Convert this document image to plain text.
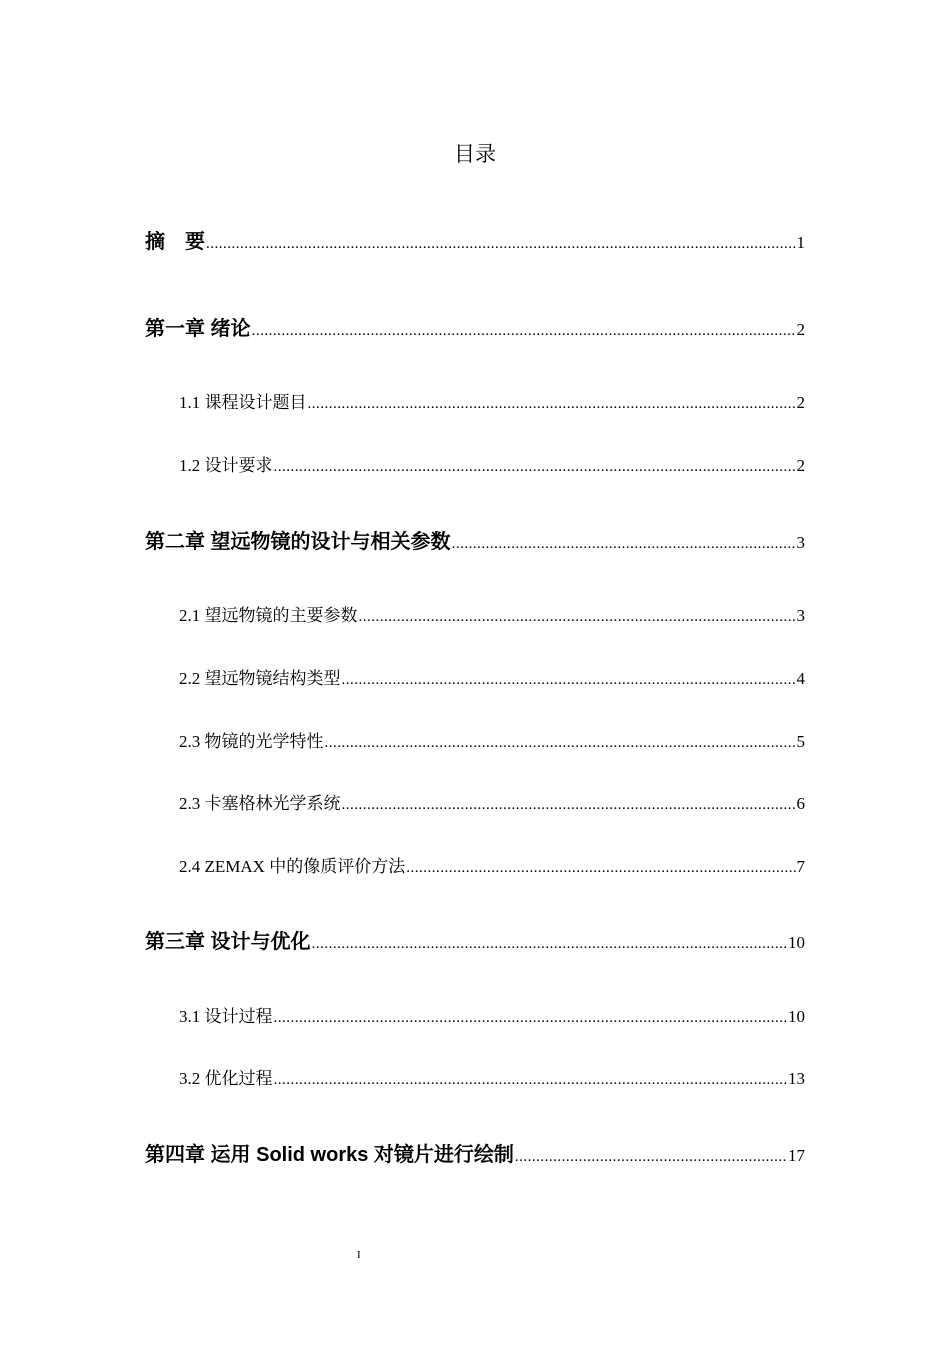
目录
摘　要 .....	1
第一章 绪论 .....	2
1.1 课程设计题目 .....	2
1.2 设计要求 .....	2
第二章 望远物镜的设计与相关参数 .....	3
2.1 望远物镜的主要参数 .....	3
2.2 望远物镜结构类型 .....	4
2.3 物镜的光学特性 .....	5
2.3 卡塞格林光学系统 .....	6
2.4 ZEMAX 中的像质评价方法 .....	7
第三章 设计与优化 .....	10
3.1 设计过程 .....	10
3.2 优化过程 .....	13
第四章 运用 Solid works 对镜片进行绘制 .....	17
I
